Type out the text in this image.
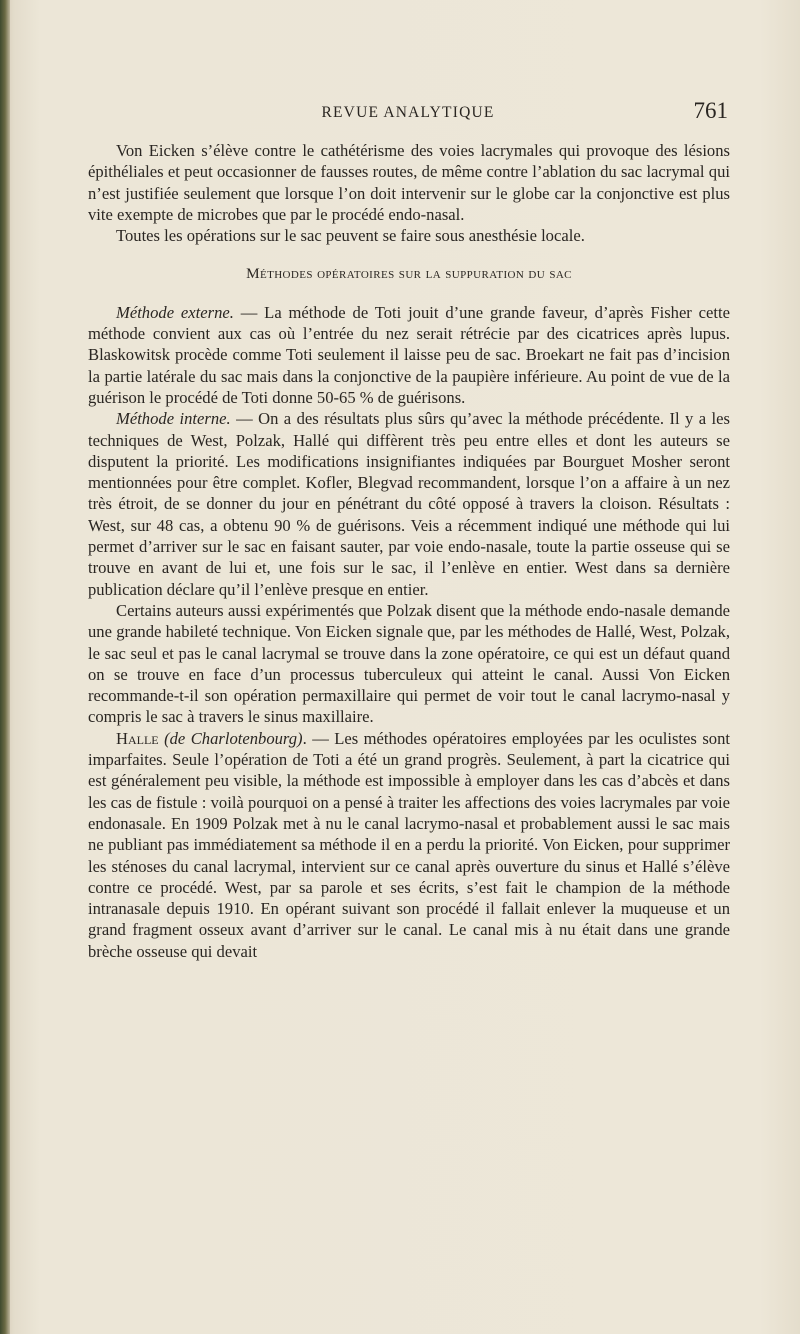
REVUE ANALYTIQUE	761

Von Eicken s’élève contre le cathétérisme des voies lacrymales qui provoque des lésions épithéliales et peut occasionner de fausses routes, de même contre l’ablation du sac lacrymal qui n’est justifiée seulement que lorsque l’on doit intervenir sur le globe car la conjonctive est plus vite exempte de microbes que par le procédé endo-nasal.

Toutes les opérations sur le sac peuvent se faire sous anesthésie locale.

Méthodes opératoires sur la suppuration du sac

Méthode externe. — La méthode de Toti jouit d’une grande faveur, d’après Fisher cette méthode convient aux cas où l’entrée du nez serait rétrécie par des cicatrices après lupus. Blaskowitsk procède comme Toti seulement il laisse peu de sac. Broekart ne fait pas d’incision la partie latérale du sac mais dans la conjonctive de la paupière inférieure. Au point de vue de la guérison le procédé de Toti donne 50-65 % de guérisons.

Méthode interne. — On a des résultats plus sûrs qu’avec la méthode précédente. Il y a les techniques de West, Polzak, Hallé qui diffèrent très peu entre elles et dont les auteurs se disputent la priorité. Les modifications insignifiantes indiquées par Bourguet Mosher seront mentionnées pour être complet. Kofler, Blegvad recommandent, lorsque l’on a affaire à un nez très étroit, de se donner du jour en pénétrant du côté opposé à travers la cloison. Résultats : West, sur 48 cas, a obtenu 90 % de guérisons. Veis a récemment indiqué une méthode qui lui permet d’arriver sur le sac en faisant sauter, par voie endo-nasale, toute la partie osseuse qui se trouve en avant de lui et, une fois sur le sac, il l’enlève en entier. West dans sa dernière publication déclare qu’il l’enlève presque en entier.

Certains auteurs aussi expérimentés que Polzak disent que la méthode endo-nasale demande une grande habileté technique. Von Eicken signale que, par les méthodes de Hallé, West, Polzak, le sac seul et pas le canal lacrymal se trouve dans la zone opératoire, ce qui est un défaut quand on se trouve en face d’un processus tuberculeux qui atteint le canal. Aussi Von Eicken recommande-t-il son opération permaxillaire qui permet de voir tout le canal lacrymo-nasal y compris le sac à travers le sinus maxillaire.

Halle (de Charlotenbourg). — Les méthodes opératoires employées par les oculistes sont imparfaites. Seule l’opération de Toti a été un grand progrès. Seulement, à part la cicatrice qui est généralement peu visible, la méthode est impossible à employer dans les cas d’abcès et dans les cas de fistule : voilà pourquoi on a pensé à traiter les affections des voies lacrymales par voie endonasale. En 1909 Polzak met à nu le canal lacrymo-nasal et probablement aussi le sac mais ne publiant pas immédiatement sa méthode il en a perdu la priorité. Von Eicken, pour supprimer les sténoses du canal lacrymal, intervient sur ce canal après ouverture du sinus et Hallé s’élève contre ce procédé. West, par sa parole et ses écrits, s’est fait le champion de la méthode intranasale depuis 1910. En opérant suivant son procédé il fallait enlever la muqueuse et un grand fragment osseux avant d’arriver sur le canal. Le canal mis à nu était dans une grande brèche osseuse qui devait
